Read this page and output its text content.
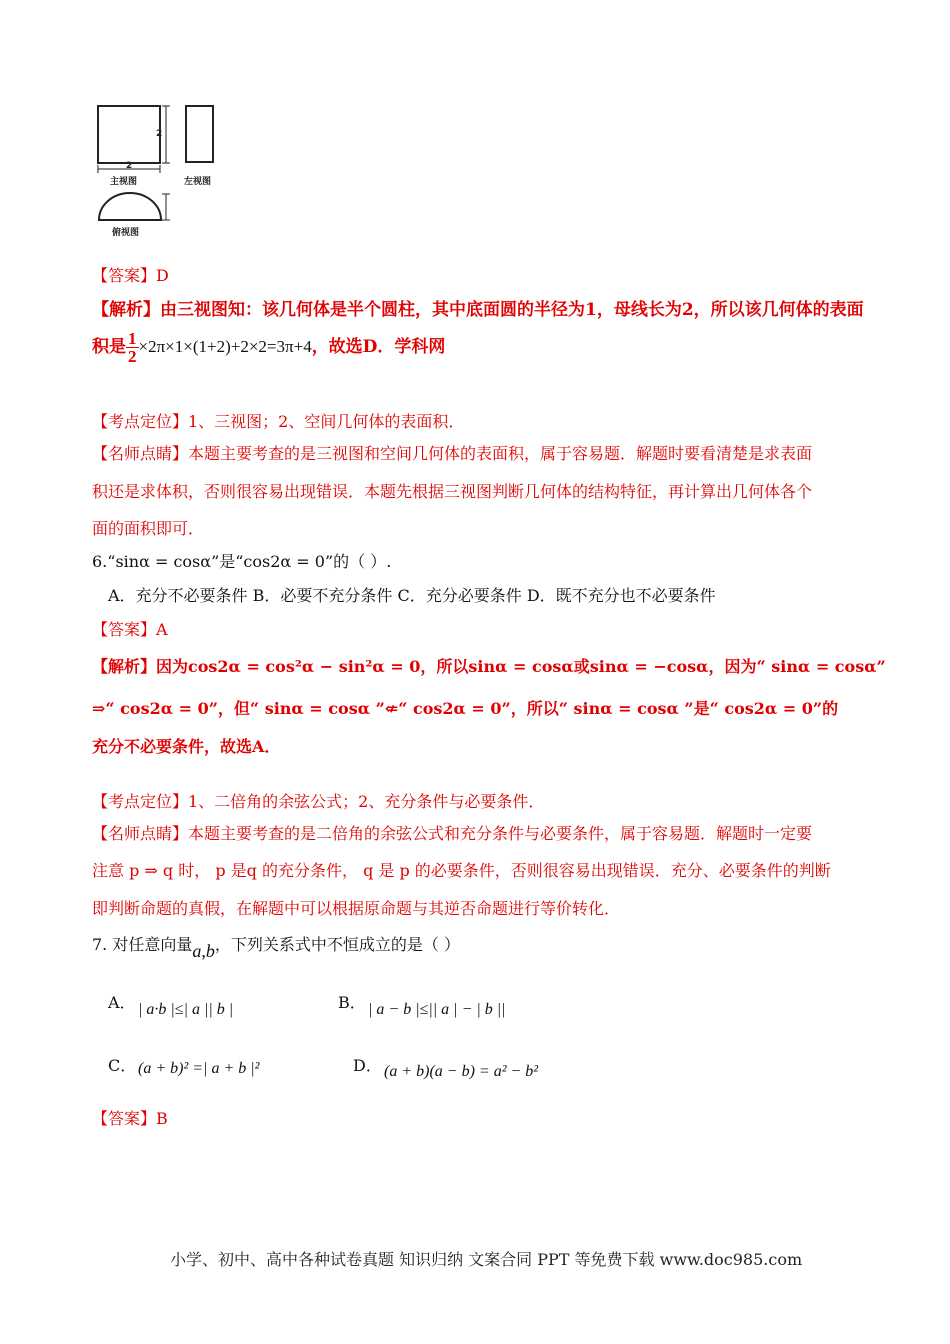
2
2
主视图	左视图
俯视图
【答案】D
【解析】由三视图知：该几何体是半个圆柱，其中底面圆的半径为1，母线长为2，所以该几何体的表面
积是 $\frac{1}{2} \times 2\pi\times 1\times(1+2)+2\times 2=3\pi+4$，故选D．学科网
【考点定位】1、三视图；2、空间几何体的表面积．
【名师点睛】本题主要考查的是三视图和空间几何体的表面积，属于容易题．解题时要看清楚是求表面
积还是求体积，否则很容易出现错误．本题先根据三视图判断几何体的结构特征，再计算出几何体各个
面的面积即可．
6.“sinα = cosα”是“cos2α = 0”的（ ）.
A．充分不必要条件 B．必要不充分条件 C．充分必要条件 D．既不充分也不必要条件
【答案】A
【解析】因为cos2α = cos²α − sin²α = 0，所以sinα = cosα或sinα = −cosα，因为“ sinα = cosα”
⇒“ cos2α = 0”，但“ sinα = cosα ”⇍“ cos2α = 0”，所以“ sinα = cosα ”是“ cos2α = 0”的
充分不必要条件，故选A．
【考点定位】1、二倍角的余弦公式；2、充分条件与必要条件．
【名师点睛】本题主要考查的是二倍角的余弦公式和充分条件与必要条件，属于容易题．解题时一定要
注意 p ⇒ q 时， p 是q 的充分条件， q 是 p 的必要条件，否则很容易出现错误．充分、必要条件的判断
即判断命题的真假，在解题中可以根据原命题与其逆否命题进行等价转化．
7. 对任意向量a,b，下列关系式中不恒成立的是（ ）
A． | a·b |≤| a || b |	B． | a − b |≤|| a | − | b ||
C． (a + b)² =| a + b |²	D． (a + b)(a − b) = a² − b²
【答案】B
小学、初中、高中各种试卷真题 知识归纳 文案合同 PPT 等免费下载 www.doc985.com
